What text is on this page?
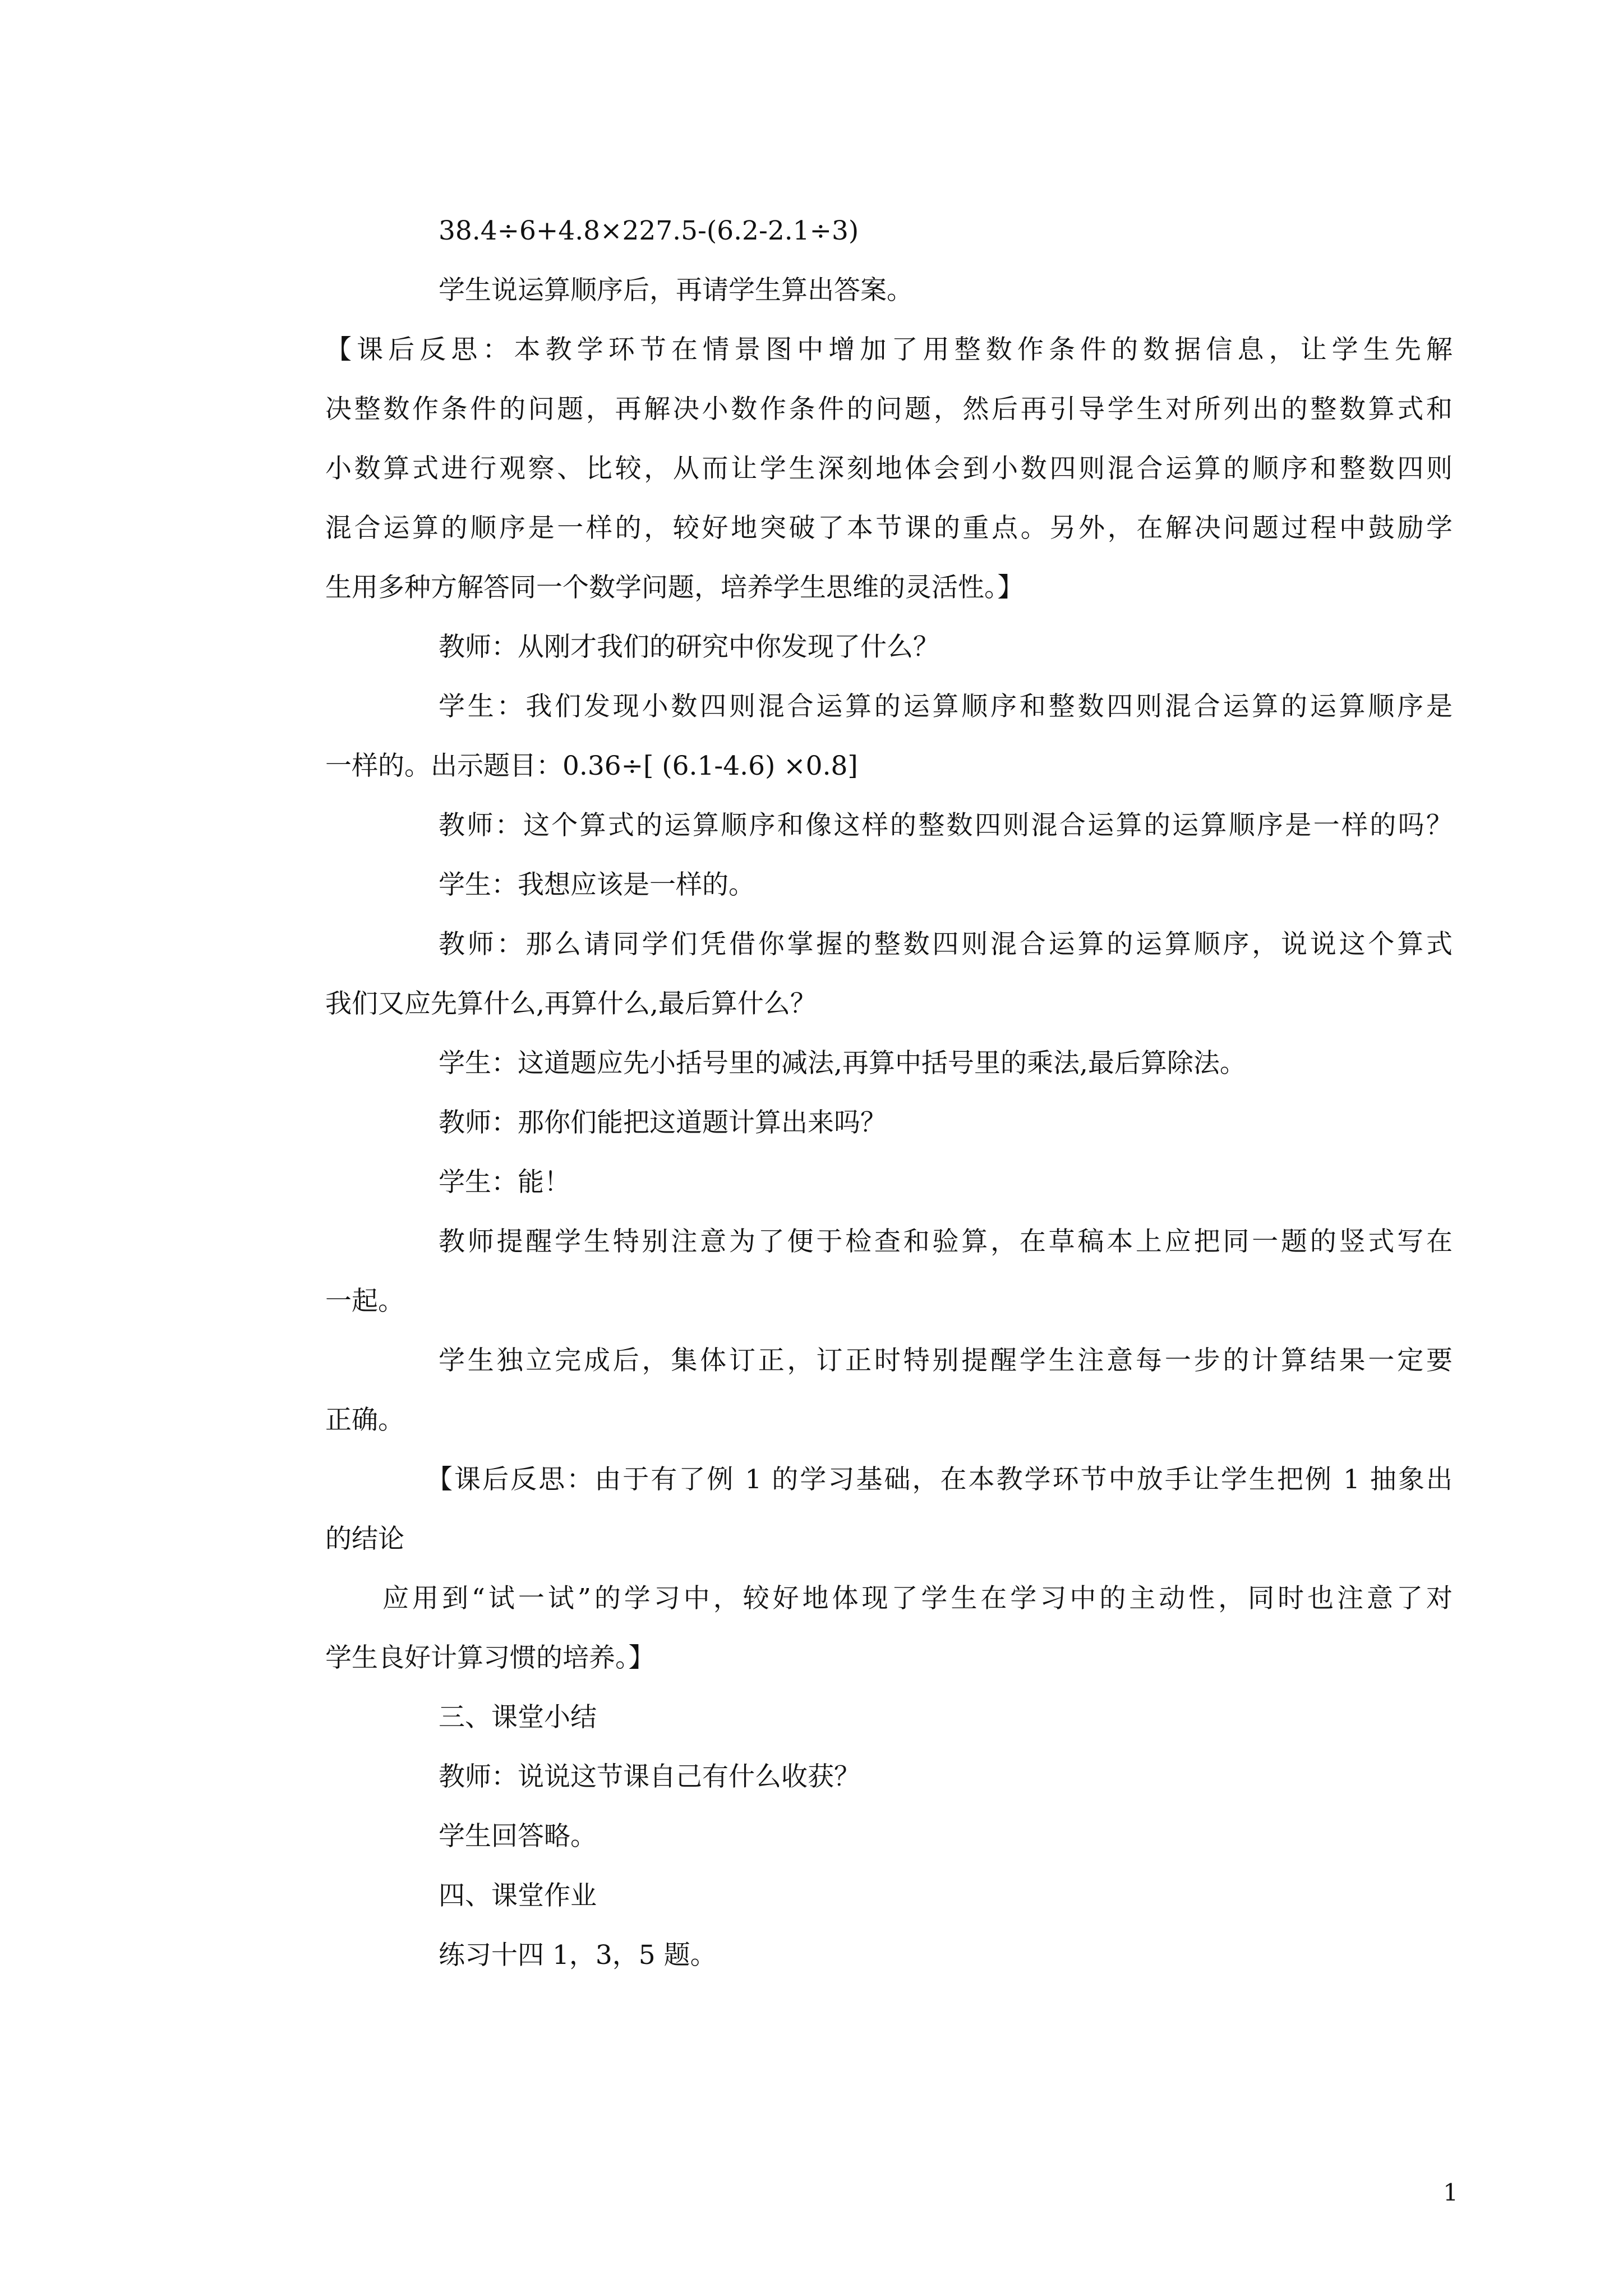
38.4÷6+4.8×227.5-(6.2-2.1÷3)

学生说运算顺序后，再请学生算出答案。

【课后反思：本教学环节在情景图中增加了用整数作条件的数据信息，让学生先解

决整数作条件的问题，再解决小数作条件的问题，然后再引导学生对所列出的整数算式和

小数算式进行观察、比较，从而让学生深刻地体会到小数四则混合运算的顺序和整数四则

混合运算的顺序是一样的，较好地突破了本节课的重点。另外，在解决问题过程中鼓励学

生用多种方解答同一个数学问题，培养学生思维的灵活性。】

教师：从刚才我们的研究中你发现了什么？

学生：我们发现小数四则混合运算的运算顺序和整数四则混合运算的运算顺序是

一样的。出示题目：0.36÷[ (6.1-4.6) ×0.8]

教师：这个算式的运算顺序和像这样的整数四则混合运算的运算顺序是一样的吗？

学生：我想应该是一样的。

教师：那么请同学们凭借你掌握的整数四则混合运算的运算顺序，说说这个算式

我们又应先算什么,再算什么,最后算什么？

学生：这道题应先小括号里的减法,再算中括号里的乘法,最后算除法。

教师：那你们能把这道题计算出来吗？

学生：能！

教师提醒学生特别注意为了便于检查和验算，在草稿本上应把同一题的竖式写在

一起。

学生独立完成后，集体订正，订正时特别提醒学生注意每一步的计算结果一定要

正确。

【课后反思：由于有了例 1 的学习基础，在本教学环节中放手让学生把例 1 抽象出

的结论

应用到“试一试”的学习中，较好地体现了学生在学习中的主动性，同时也注意了对

学生良好计算习惯的培养。】

三、课堂小结

教师：说说这节课自己有什么收获？

学生回答略。

四、课堂作业

练习十四 1，3，5 题。

1
